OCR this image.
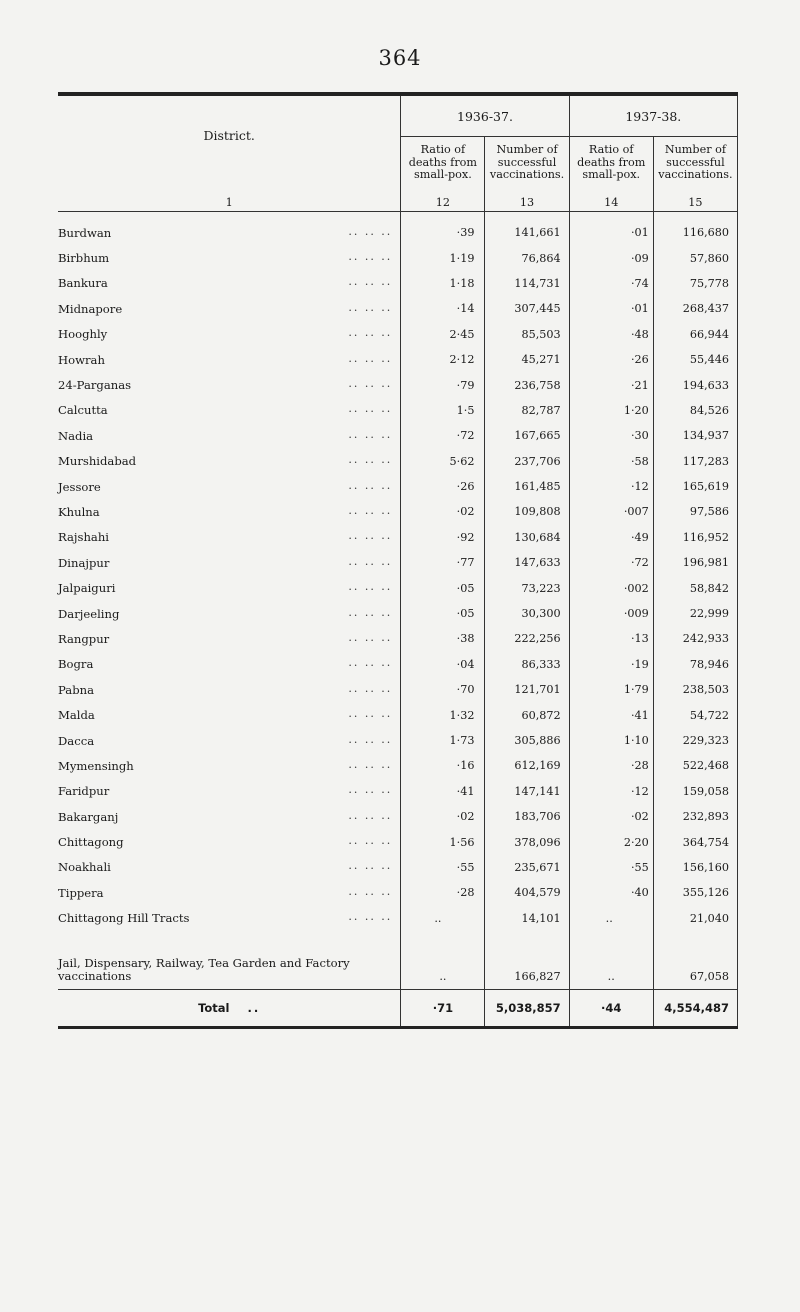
364
District.	1936-37.		1937-38.	
	Ratio of deaths from small-pox.	Number of successful vaccinations.	Ratio of deaths from small-pox.	Number of successful vaccinations.
1	12	13	14	15

.. .. ..
Burdwan	·39	141,661	·01	116,680

.. .. ..
Birbhum	1·19	76,864	·09	57,860

.. .. ..
Bankura	1·18	114,731	·74	75,778

.. .. ..
Midnapore	·14	307,445	·01	268,437

.. .. ..
Hooghly	2·45	85,503	·48	66,944

.. .. ..
Howrah	2·12	45,271	·26	55,446

.. .. ..
24-Parganas	·79	236,758	·21	194,633

.. .. ..
Calcutta	1·5	82,787	1·20	84,526

.. .. ..
Nadia	·72	167,665	·30	134,937

.. .. ..
Murshidabad	5·62	237,706	·58	117,283

.. .. ..
Jessore	·26	161,485	·12	165,619

.. .. ..
Khulna	·02	109,808	·007	97,586

.. .. ..
Rajshahi	·92	130,684	·49	116,952

.. .. ..
Dinajpur	·77	147,633	·72	196,981

.. .. ..
Jalpaiguri	·05	73,223	·002	58,842

.. .. ..
Darjeeling	·05	30,300	·009	22,999

.. .. ..
Rangpur	·38	222,256	·13	242,933

.. .. ..
Bogra	·04	86,333	·19	78,946

.. .. ..
Pabna	·70	121,701	1·79	238,503

.. .. ..
Malda	1·32	60,872	·41	54,722

.. .. ..
Dacca	1·73	305,886	1·10	229,323

.. .. ..
Mymensingh	·16	612,169	·28	522,468

.. .. ..
Faridpur	·41	147,141	·12	159,058

.. .. ..
Bakarganj	·02	183,706	·02	232,893

.. .. ..
Chittagong	1·56	378,096	2·20	364,754

.. .. ..
Noakhali	·55	235,671	·55	156,160

.. .. ..
Tippera	·28	404,579	·40	355,126

.. .. ..
Chittagong Hill Tracts	..	14,101	..	21,040

Jail, Dispensary, Railway, Tea Garden and Factory vaccinations	..	166,827	..	67,058
Total ..	·71	5,038,857	·44	4,554,487
